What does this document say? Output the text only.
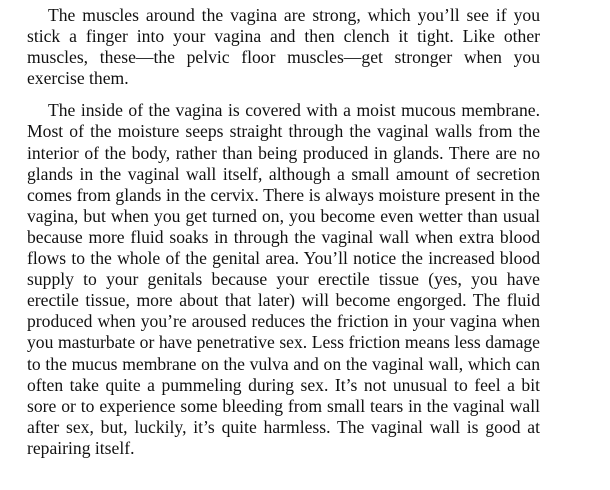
The muscles around the vagina are strong, which you’ll see if you stick a finger into your vagina and then clench it tight. Like other muscles, these—the pelvic floor muscles—get stronger when you exercise them.

The inside of the vagina is covered with a moist mucous membrane. Most of the moisture seeps straight through the vaginal walls from the interior of the body, rather than being produced in glands. There are no glands in the vaginal wall itself, although a small amount of secretion comes from glands in the cervix. There is always moisture present in the vagina, but when you get turned on, you become even wetter than usual because more fluid soaks in through the vaginal wall when extra blood flows to the whole of the genital area. You’ll notice the increased blood supply to your genitals because your erectile tissue (yes, you have erectile tissue, more about that later) will become engorged. The fluid produced when you’re aroused reduces the friction in your vagina when you masturbate or have penetrative sex. Less friction means less damage to the mucus membrane on the vulva and on the vaginal wall, which can often take quite a pummeling during sex. It’s not unusual to feel a bit sore or to experience some bleeding from small tears in the vaginal wall after sex, but, luckily, it’s quite harmless. The vaginal wall is good at repairing itself.
